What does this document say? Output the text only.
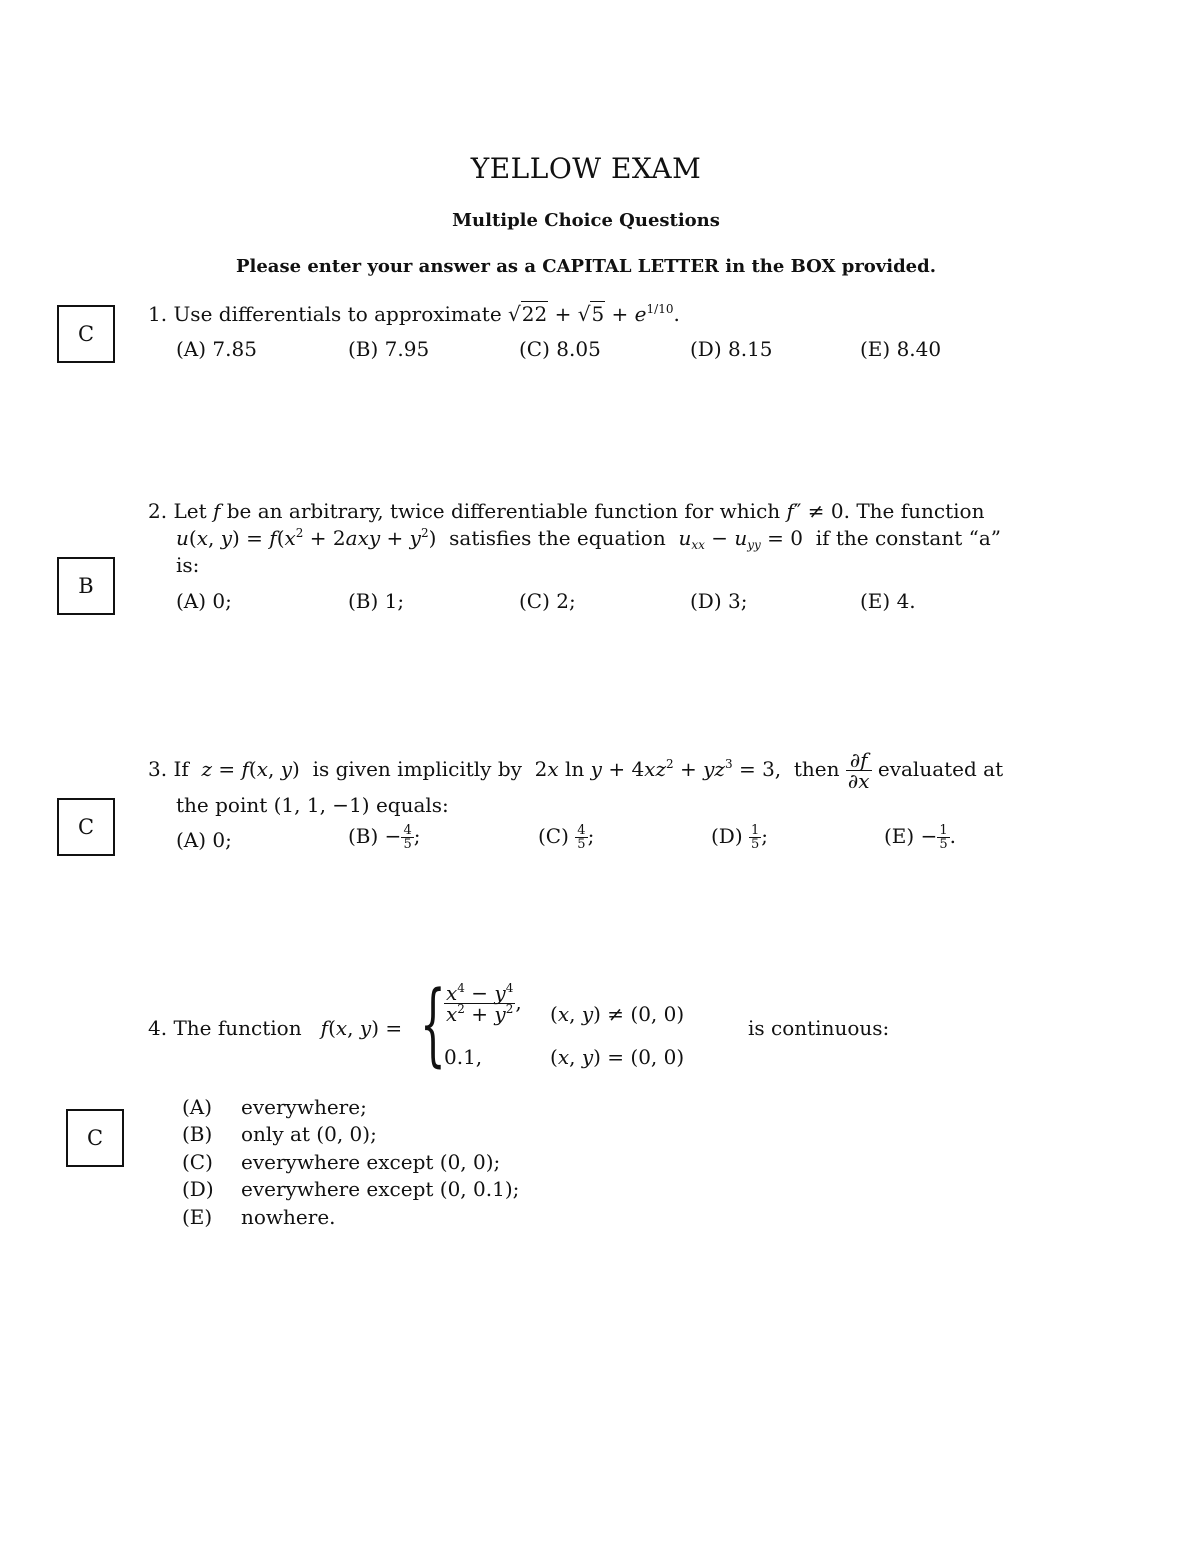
YELLOW EXAM
Multiple Choice Questions
Please enter your answer as a CAPITAL LETTER in the BOX provided.
C
1. Use differentials to approximate $√22 + √5 + e^{1/10}$.
(A) 7.85	(B) 7.95	(C) 8.05	(D) 8.15	(E) 8.40
B
2. Let f be an arbitrary, twice differentiable function for which f″ ≠ 0. The function
u(x, $y) = f(x^2 + 2axy + y^2)$ satisfies the equation $u_{xx} - u_{yy} = 0$ if the constant “a”
is:
(A) 0;	(B) 1;	(C) 2;	(D) 3;	(E) 4.
C
3. If z = f(x, y) is given implicitly by 2x $\ln y + 4xz^2 + yz^3 = 3$, then $\frac{\partial f}{\partial x}$ evaluated at
the point (1, 1, −1) equals:
(A) 0;	$(B) - \frac{4}{5}$ ;	$(C) \frac{4}{5}$ ;	$(D) \frac{1}{5}$ ;	$(E) - \frac{1}{5}$ .
C
4. The function f(x, y) = {
$\frac{x^4 - y^4}{x^2 + y^2}$ , (x, y) ≠ (0, 0)
0.1,	(x, y) = (0, 0)
is continuous:
(A) everywhere;
(B) only at (0, 0);
(C) everywhere except (0, 0);
(D) everywhere except (0, 0.1);
(E) nowhere.
